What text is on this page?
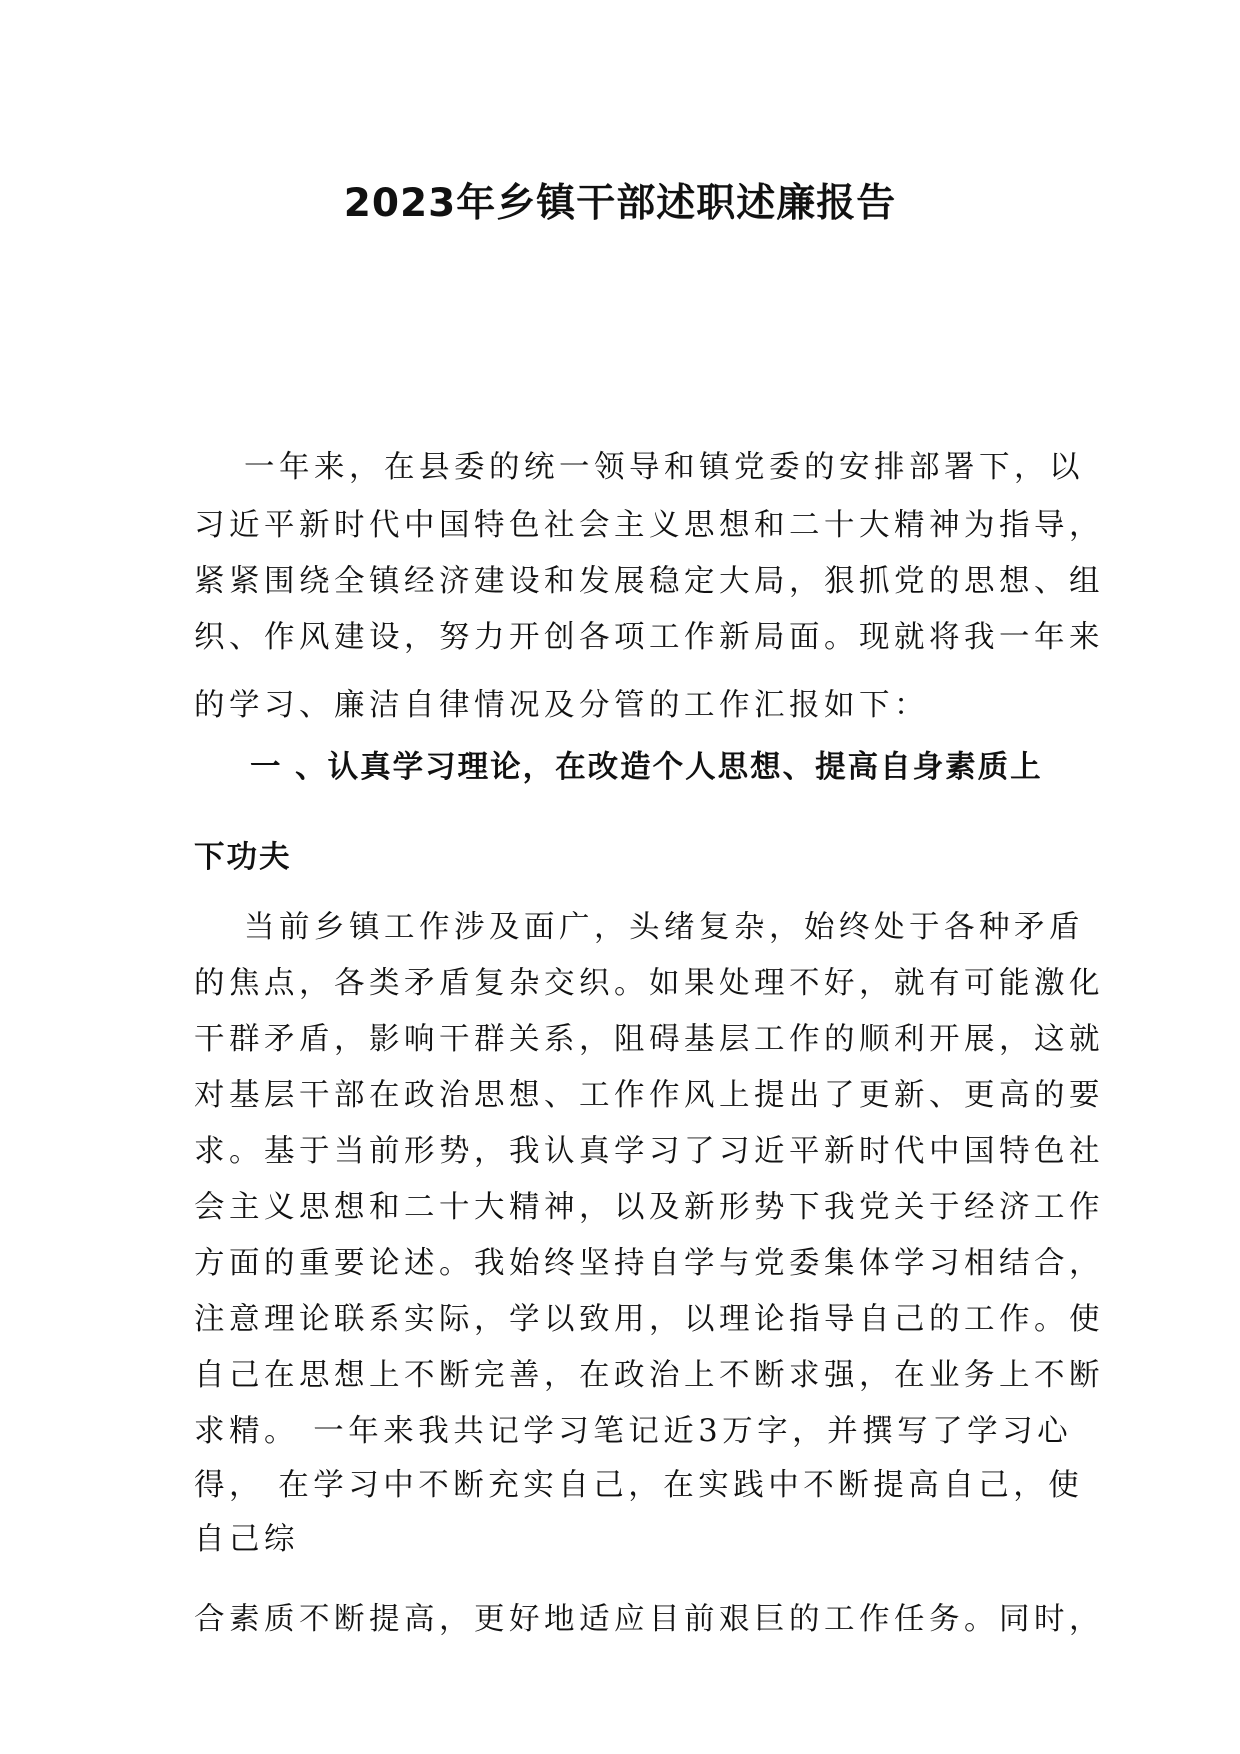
2023年乡镇干部述职述廉报告
一年来，在县委的统一领导和镇党委的安排部署下，以
习近平新时代中国特色社会主义思想和二十大精神为指导，
紧紧围绕全镇经济建设和发展稳定大局，狠抓党的思想、组
织、作风建设，努力开创各项工作新局面。现就将我一年来
的学习、廉洁自律情况及分管的工作汇报如下：
一 、认真学习理论，在改造个人思想、提高自身素质上
下功夫
当前乡镇工作涉及面广，头绪复杂，始终处于各种矛盾
的焦点，各类矛盾复杂交织。如果处理不好，就有可能激化
干群矛盾，影响干群关系，阻碍基层工作的顺利开展，这就
对基层干部在政治思想、工作作风上提出了更新、更高的要
求。基于当前形势，我认真学习了习近平新时代中国特色社
会主义思想和二十大精神，以及新形势下我党关于经济工作
方面的重要论述。我始终坚持自学与党委集体学习相结合，
注意理论联系实际，学以致用，以理论指导自己的工作。使
自己在思想上不断完善，在政治上不断求强，在业务上不断
求精。 一年来我共记学习笔记近3万字，并撰写了学习心
得， 在学习中不断充实自己，在实践中不断提高自己，使
自己综
合素质不断提高，更好地适应目前艰巨的工作任务。同时，
